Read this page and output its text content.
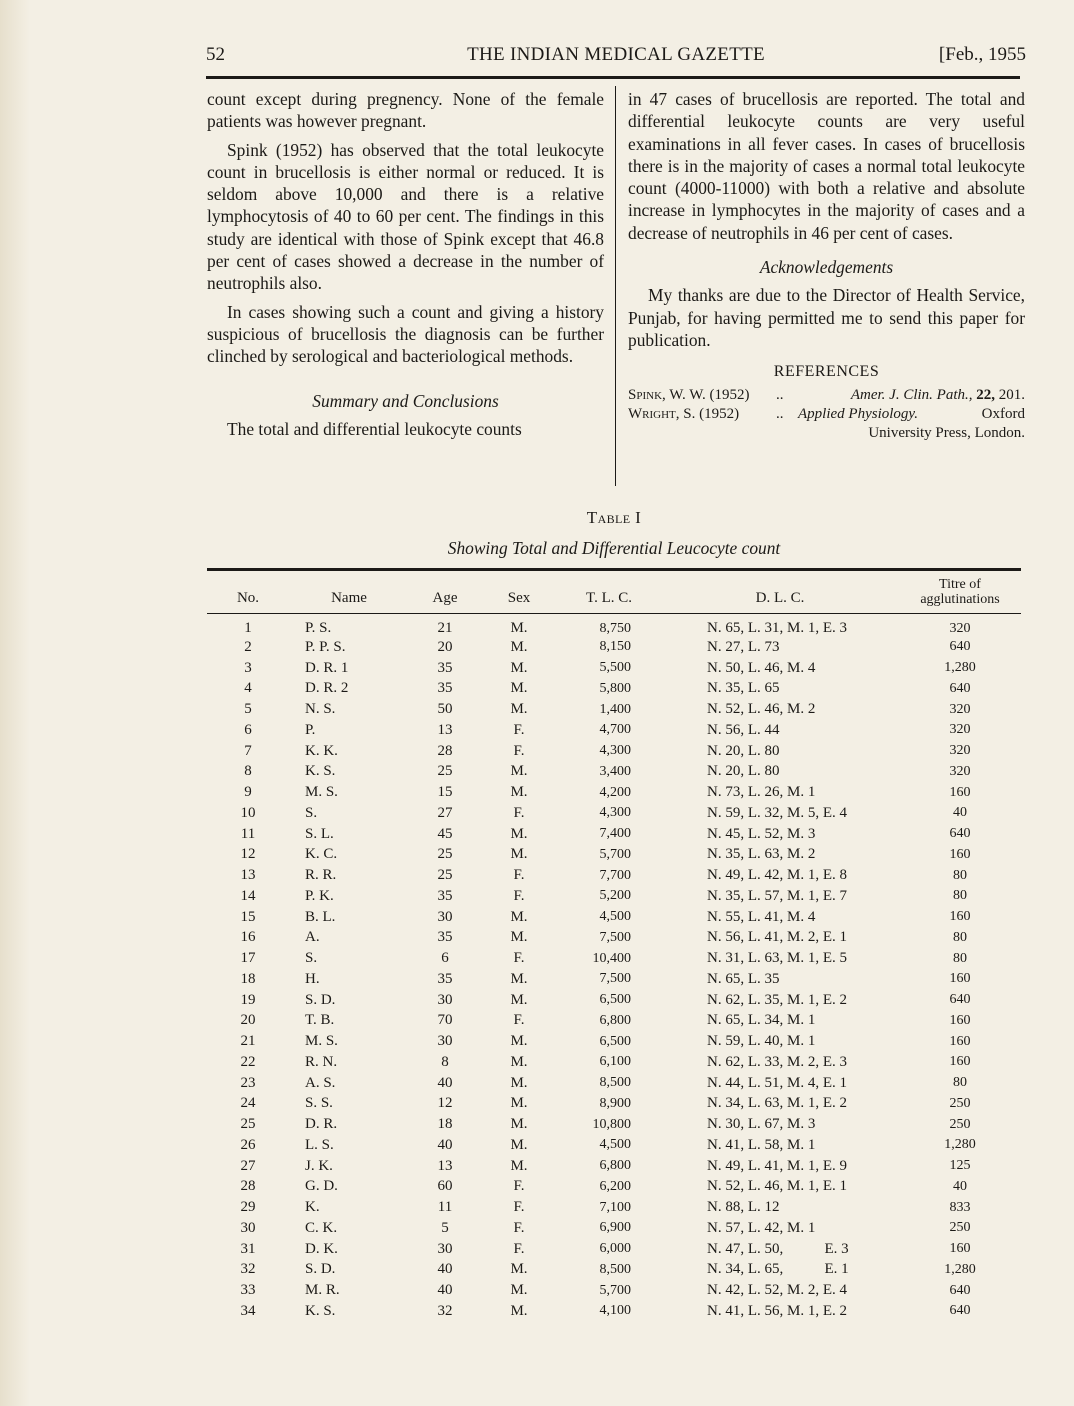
52	THE INDIAN MEDICAL GAZETTE	[Feb., 1955

count except during pregnency. None of the female patients was however pregnant.

Spink (1952) has observed that the total leukocyte count in brucellosis is either normal or reduced. It is seldom above 10,000 and there is a relative lymphocytosis of 40 to 60 per cent. The findings in this study are identical with those of Spink except that 46.8 per cent of cases showed a decrease in the number of neutrophils also.

In cases showing such a count and giving a history suspicious of brucellosis the diagnosis can be further clinched by serological and bacteriological methods.

Summary and Conclusions

The total and differential leukocyte counts

in 47 cases of brucellosis are reported. The total and differential leukocyte counts are very useful examinations in all fever cases. In cases of brucellosis there is in the majority of cases a normal total leukocyte count (4000-11000) with both a relative and absolute increase in lymphocytes in the majority of cases and a decrease of neutrophils in 46 per cent of cases.

Acknowledgements

My thanks are due to the Director of Health Service, Punjab, for having permitted me to send this paper for publication.

REFERENCES

Spink, W. W. (1952)	..	Amer. J. Clin. Path., 22, 201.
Wright, S. (1952)	.. Applied Physiology.	Oxford
University Press, London.
Table I
Showing Total and Differential Leucocyte count
No.	Name	Age	Sex	T. L. C.	D. L. C.	Titre of
agglutinations
1	P. S.	21	M.	8,750	N. 65, L. 31, M. 1, E. 3	320
2	P. P. S.	20	M.	8,150	N. 27, L. 73	640
3	D. R. 1	35	M.	5,500	N. 50, L. 46, M. 4	1,280
4	D. R. 2	35	M.	5,800	N. 35, L. 65	640
5	N. S.	50	M.	1,400	N. 52, L. 46, M. 2	320
6	P.	13	F.	4,700	N. 56, L. 44	320
7	K. K.	28	F.	4,300	N. 20, L. 80	320
8	K. S.	25	M.	3,400	N. 20, L. 80	320
9	M. S.	15	M.	4,200	N. 73, L. 26, M. 1	160
10	S.	27	F.	4,300	N. 59, L. 32, M. 5, E. 4	40
11	S. L.	45	M.	7,400	N. 45, L. 52, M. 3	640
12	K. C.	25	M.	5,700	N. 35, L. 63, M. 2	160
13	R. R.	25	F.	7,700	N. 49, L. 42, M. 1, E. 8	80
14	P. K.	35	F.	5,200	N. 35, L. 57, M. 1, E. 7	80
15	B. L.	30	M.	4,500	N. 55, L. 41, M. 4	160
16	A.	35	M.	7,500	N. 56, L. 41, M. 2, E. 1	80
17	S.	6	F.	10,400	N. 31, L. 63, M. 1, E. 5	80
18	H.	35	M.	7,500	N. 65, L. 35	160
19	S. D.	30	M.	6,500	N. 62, L. 35, M. 1, E. 2	640
20	T. B.	70	F.	6,800	N. 65, L. 34, M. 1	160
21	M. S.	30	M.	6,500	N. 59, L. 40, M. 1	160
22	R. N.	8	M.	6,100	N. 62, L. 33, M. 2, E. 3	160
23	A. S.	40	M.	8,500	N. 44, L. 51, M. 4, E. 1	80
24	S. S.	12	M.	8,900	N. 34, L. 63, M. 1, E. 2	250
25	D. R.	18	M.	10,800	N. 30, L. 67, M. 3	250
26	L. S.	40	M.	4,500	N. 41, L. 58, M. 1	1,280
27	J. K.	13	M.	6,800	N. 49, L. 41, M. 1, E. 9	125
28	G. D.	60	F.	6,200	N. 52, L. 46, M. 1, E. 1	40
29	K.	11	F.	7,100	N. 88, L. 12	833
30	C. K.	5	F.	6,900	N. 57, L. 42, M. 1	250
31	D. K.	30	F.	6,000	N. 47, L. 50,           E. 3	160
32	S. D.	40	M.	8,500	N. 34, L. 65,           E. 1	1,280
33	M. R.	40	M.	5,700	N. 42, L. 52, M. 2, E. 4	640
34	K. S.	32	M.	4,100	N. 41, L. 56, M. 1, E. 2	640
